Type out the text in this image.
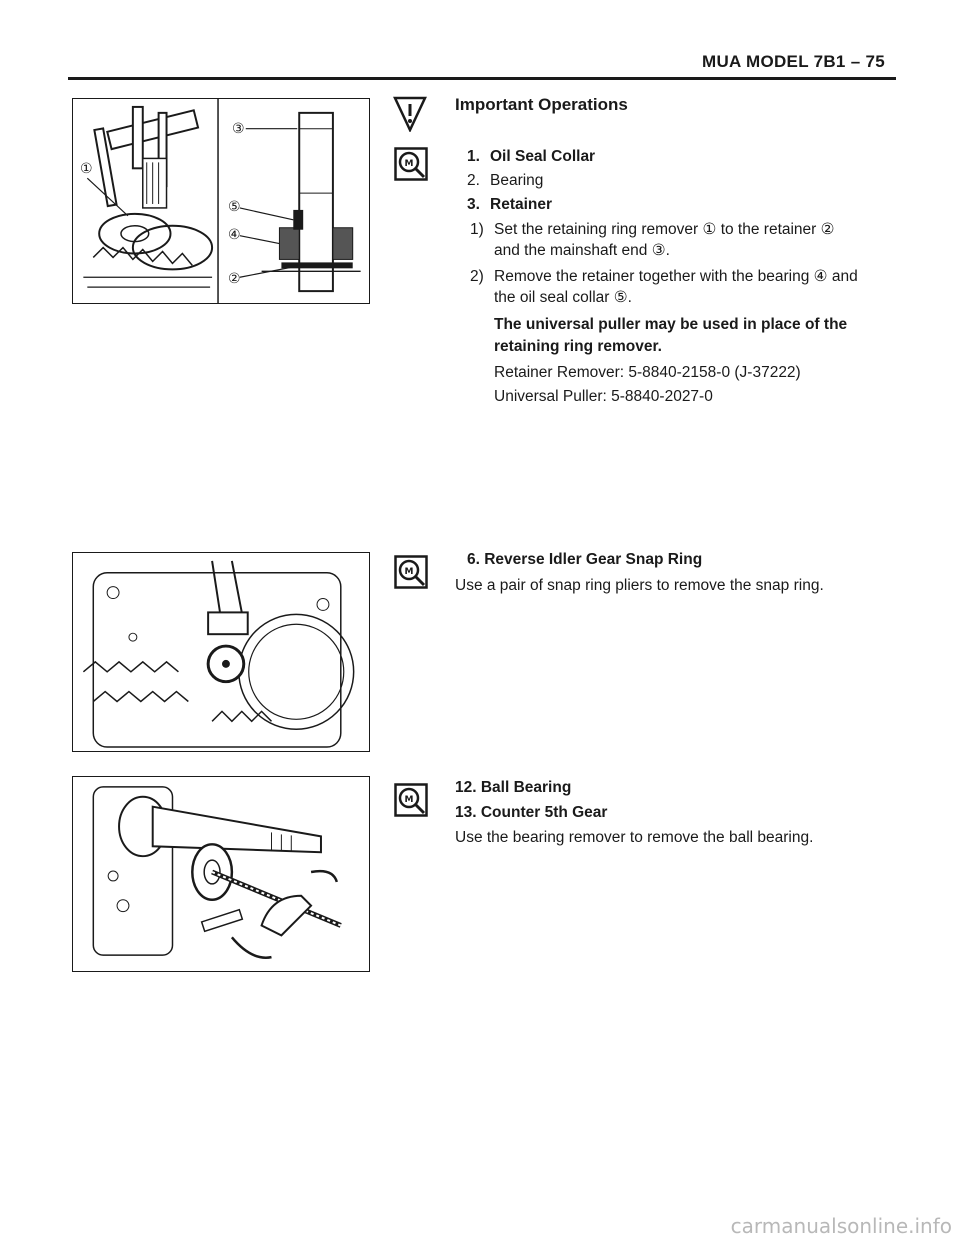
MUA MODEL 7B1 – 75
①
③
⑤
④
②
M
Important Operations
1. Oil Seal Collar
2. Bearing
3. Retainer
1) Set the retaining ring remover ① to the retainer ②
and the mainshaft end ③.
2) Remove the retainer together with the bearing ④ and
the oil seal collar ⑤.
The universal puller may be used in place of the
retaining ring remover.
Retainer Remover: 5-8840-2158-0 (J-37222)
Universal Puller: 5-8840-2027-0
M
6. Reverse Idler Gear Snap Ring
Use a pair of snap ring pliers to remove the snap ring.
M
12. Ball Bearing
13. Counter 5th Gear
Use the bearing remover to remove the ball bearing.
carmanualsonline.info
